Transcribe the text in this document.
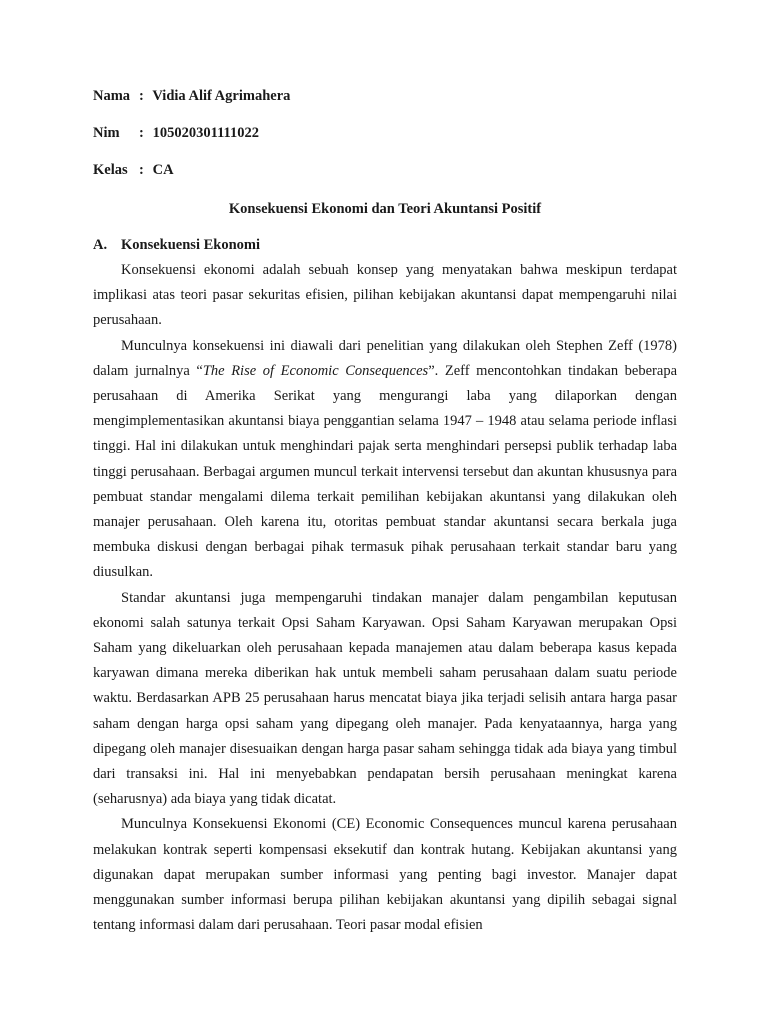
Nama : Vidia Alif Agrimahera
Nim : 105020301111022
Kelas : CA
Konsekuensi Ekonomi dan Teori Akuntansi Positif
A. Konsekuensi Ekonomi

Konsekuensi ekonomi adalah sebuah konsep yang menyatakan bahwa meskipun terdapat implikasi atas teori pasar sekuritas efisien, pilihan kebijakan akuntansi dapat mempengaruhi nilai perusahaan.

Munculnya konsekuensi ini diawali dari penelitian yang dilakukan oleh Stephen Zeff (1978) dalam jurnalnya “The Rise of Economic Consequences”. Zeff mencontohkan tindakan beberapa perusahaan di Amerika Serikat yang mengurangi laba yang dilaporkan dengan mengimplementasikan akuntansi biaya penggantian selama 1947 – 1948 atau selama periode inflasi tinggi. Hal ini dilakukan untuk menghindari pajak serta menghindari persepsi publik terhadap laba tinggi perusahaan. Berbagai argumen muncul terkait intervensi tersebut dan akuntan khususnya para pembuat standar mengalami dilema terkait pemilihan kebijakan akuntansi yang dilakukan oleh manajer perusahaan. Oleh karena itu, otoritas pembuat standar akuntansi secara berkala juga membuka diskusi dengan berbagai pihak termasuk pihak perusahaan terkait standar baru yang diusulkan.

Standar akuntansi juga mempengaruhi tindakan manajer dalam pengambilan keputusan ekonomi salah satunya terkait Opsi Saham Karyawan. Opsi Saham Karyawan merupakan Opsi Saham yang dikeluarkan oleh perusahaan kepada manajemen atau dalam beberapa kasus kepada karyawan dimana mereka diberikan hak untuk membeli saham perusahaan dalam suatu periode waktu. Berdasarkan APB 25 perusahaan harus mencatat biaya jika terjadi selisih antara harga pasar saham dengan harga opsi saham yang dipegang oleh manajer. Pada kenyataannya, harga yang dipegang oleh manajer disesuaikan dengan harga pasar saham sehingga tidak ada biaya yang timbul dari transaksi ini. Hal ini menyebabkan pendapatan bersih perusahaan meningkat karena (seharusnya) ada biaya yang tidak dicatat.

Munculnya Konsekuensi Ekonomi (CE) Economic Consequences muncul karena perusahaan melakukan kontrak seperti kompensasi eksekutif dan kontrak hutang. Kebijakan akuntansi yang digunakan dapat merupakan sumber informasi yang penting bagi investor. Manajer dapat menggunakan sumber informasi berupa pilihan kebijakan akuntansi yang dipilih sebagai signal tentang informasi dalam dari perusahaan. Teori pasar modal efisien
